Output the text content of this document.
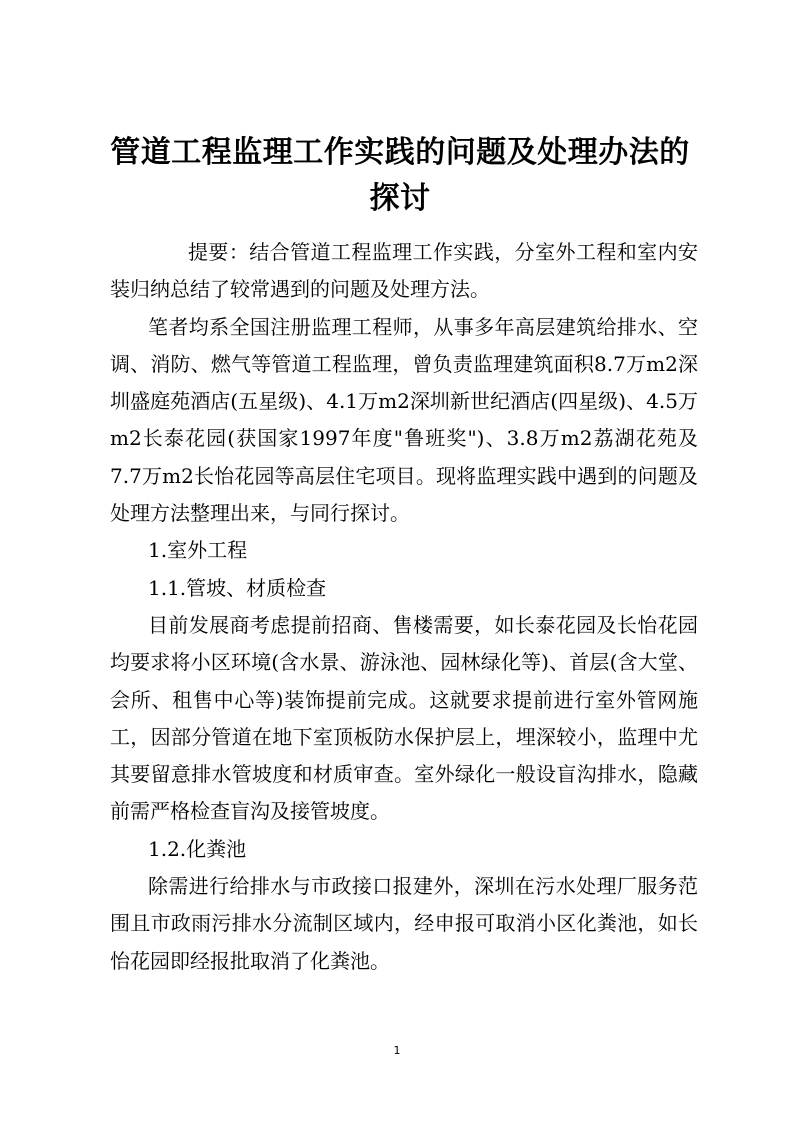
管道工程监理工作实践的问题及处理办法的探讨

提要：结合管道工程监理工作实践，分室外工程和室内安装归纳总结了较常遇到的问题及处理方法。

笔者均系全国注册监理工程师，从事多年高层建筑给排水、空调、消防、燃气等管道工程监理，曾负责监理建筑面积8.7万m2深圳盛庭苑酒店(五星级)、4.1万m2深圳新世纪酒店(四星级)、4.5万m2长泰花园(获国家1997年度"鲁班奖")、3.8万m2荔湖花苑及7.7万m2长怡花园等高层住宅项目。现将监理实践中遇到的问题及处理方法整理出来，与同行探讨。

1.室外工程

1.1.管坡、材质检查

目前发展商考虑提前招商、售楼需要，如长泰花园及长怡花园均要求将小区环境(含水景、游泳池、园林绿化等)、首层(含大堂、会所、租售中心等)装饰提前完成。这就要求提前进行室外管网施工，因部分管道在地下室顶板防水保护层上，埋深较小，监理中尤其要留意排水管坡度和材质审查。室外绿化一般设盲沟排水，隐藏前需严格检查盲沟及接管坡度。

1.2.化粪池

除需进行给排水与市政接口报建外，深圳在污水处理厂服务范围且市政雨污排水分流制区域内，经申报可取消小区化粪池，如长怡花园即经报批取消了化粪池。

1
